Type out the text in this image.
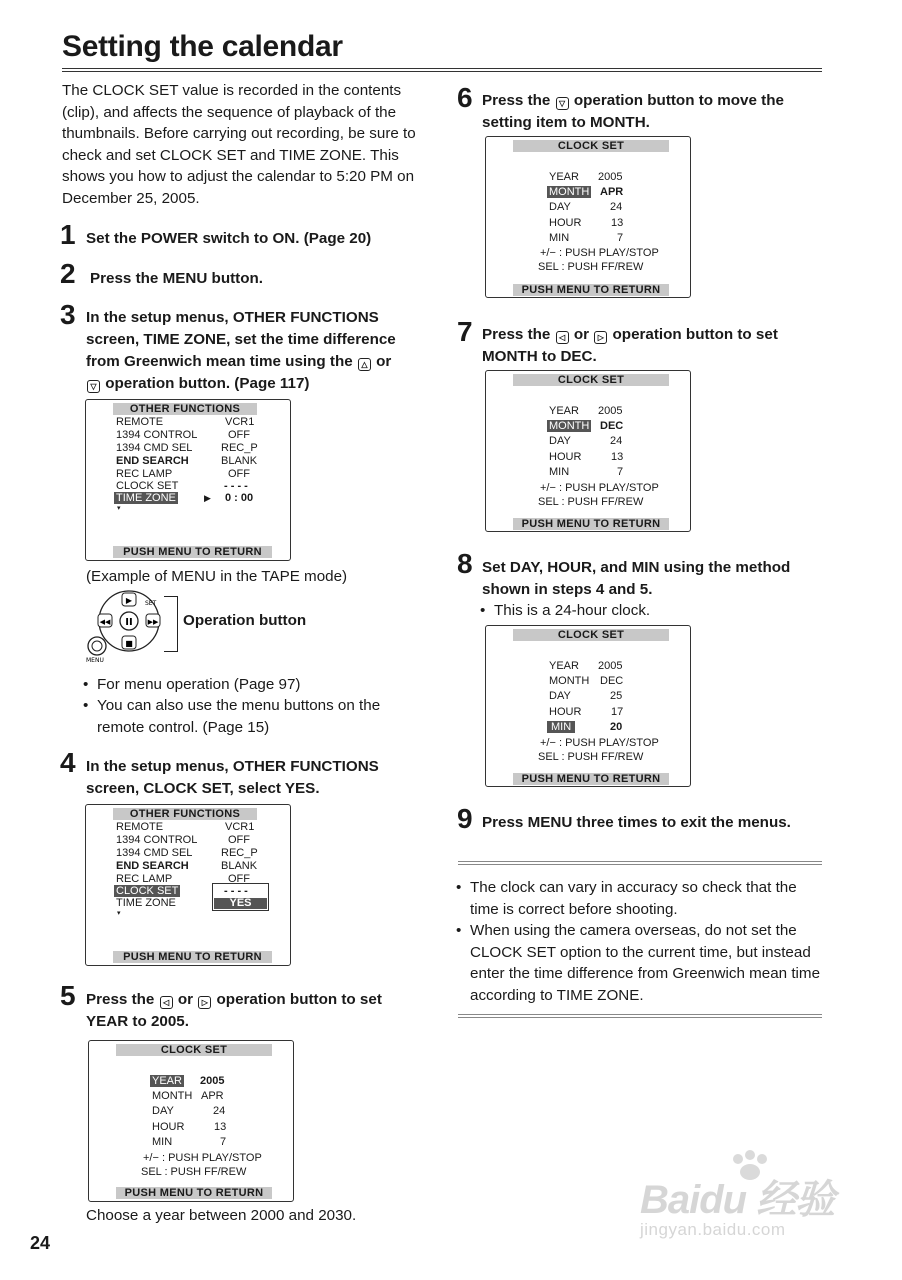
Setting the calendar
The CLOCK SET value is recorded in the contents (clip), and affects the sequence of playback of the thumbnails. Before carrying out recording, be sure to check and set CLOCK SET and TIME ZONE. This shows you how to adjust the calendar to 5:20 PM on December 25, 2005.
1 Set the POWER switch to ON. (Page 20)
2 Press the MENU button.
3 In the setup menus, OTHER FUNCTIONS screen, TIME ZONE, set the time difference from Greenwich mean time using the △ or
▽ operation button. (Page 117)
OTHER FUNCTIONS
REMOTE	VCR1
1394 CONTROL	OFF
1394 CMD SEL	REC_P
END SEARCH	BLANK
REC LAMP	OFF
CLOCK SET	- - - -
TIME ZONE	▶ 0 : 00
▾
PUSH MENU TO RETURN
(Example of MENU in the TAPE mode)
II
▶
■
◀◀	▶▶
SET
MENU
Operation button
• For menu operation (Page 97)
• You can also use the menu buttons on the remote control. (Page 15)
4 In the setup menus, OTHER FUNCTIONS screen, CLOCK SET, select YES.
OTHER FUNCTIONS
REMOTE	VCR1
1394 CONTROL	OFF
1394 CMD SEL	REC_P
END SEARCH	BLANK
REC LAMP	OFF
CLOCK SET	- - - -
YES
TIME ZONE
▾
PUSH MENU TO RETURN
5 Press the ◁ or ▷ operation button to set YEAR to 2005.
CLOCK SET
YEAR 2005
MONTH APR
DAY	24
HOUR	13
MIN	7
+/− : PUSH PLAY/STOP
SEL : PUSH FF/REW
PUSH MENU TO RETURN
Choose a year between 2000 and 2030.
6 Press the ▽ operation button to move the setting item to MONTH.
CLOCK SET
YEAR 2005
MONTH APR
DAY	24
HOUR	13
MIN	7
+/− : PUSH PLAY/STOP
SEL : PUSH FF/REW
PUSH MENU TO RETURN
7 Press the ◁ or ▷ operation button to set MONTH to DEC.
CLOCK SET
YEAR 2005
MONTH DEC
DAY	24
HOUR	13
MIN	7
+/− : PUSH PLAY/STOP
SEL : PUSH FF/REW
PUSH MENU TO RETURN
8 Set DAY, HOUR, and MIN using the method shown in steps 4 and 5.
• This is a 24-hour clock.
CLOCK SET
YEAR 2005
MONTH DEC
DAY	25
HOUR	17
MIN	20
+/− : PUSH PLAY/STOP
SEL : PUSH FF/REW
PUSH MENU TO RETURN
9 Press MENU three times to exit the menus.
• The clock can vary in accuracy so check that the time is correct before shooting.
• When using the camera overseas, do not set the CLOCK SET option to the current time, but instead enter the time difference from Greenwich mean time according to TIME ZONE.
24
Baidu 经验
jingyan.baidu.com
